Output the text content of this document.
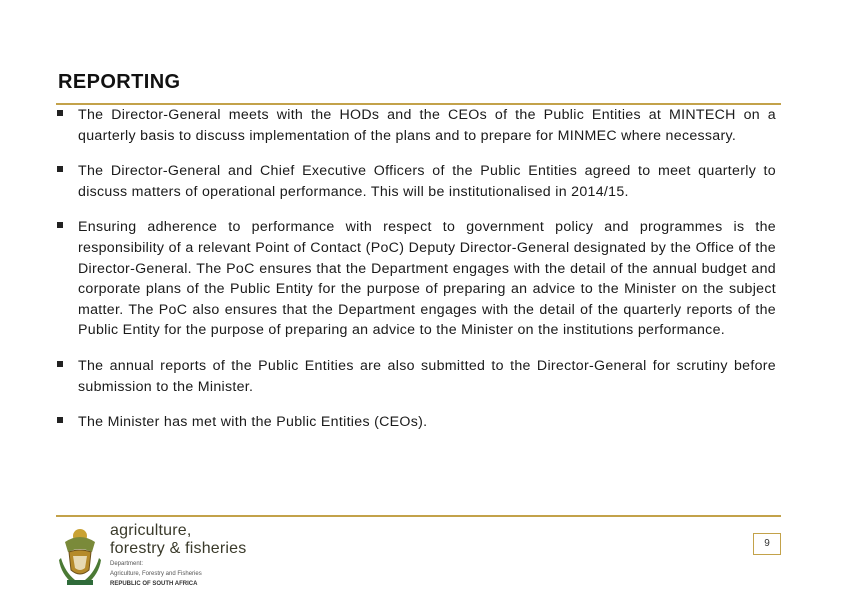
REPORTING
The Director-General meets with the HODs and the CEOs of the Public Entities at MINTECH on a quarterly basis to discuss implementation of the plans and to prepare for MINMEC where necessary.
The Director-General and Chief Executive Officers of the Public Entities agreed to meet quarterly to discuss matters of operational performance. This will be institutionalised in 2014/15.
Ensuring adherence to performance with respect to government policy and programmes is the responsibility of a relevant Point of Contact (PoC) Deputy Director-General designated by the Office of the Director-General. The PoC ensures that the Department engages with the detail of the annual budget and corporate plans of the Public Entity for the purpose of preparing an advice to the Minister on the subject matter. The PoC also ensures that the Department engages with the detail of the quarterly reports of the Public Entity for the purpose of preparing an advice to the Minister on the institutions performance.
The annual reports of the Public Entities are also submitted to the Director-General for scrutiny before submission to the Minister.
The Minister has met with the Public Entities (CEOs).
agriculture,
forestry & fisheries
Department:
Agriculture, Forestry and Fisheries
REPUBLIC OF SOUTH AFRICA
9
